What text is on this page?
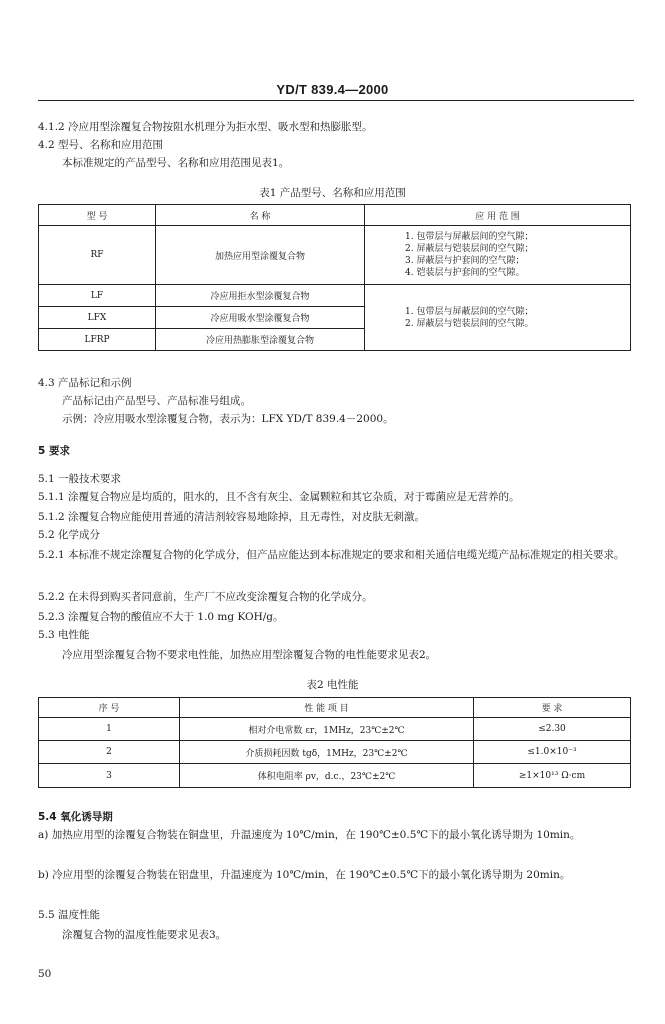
YD/T 839.4—2000
4.1.2 冷应用型涂覆复合物按阻水机理分为拒水型、吸水型和热膨胀型。
4.2 型号、名称和应用范围
本标准规定的产品型号、名称和应用范围见表1。
表1 产品型号、名称和应用范围
型 号	名 称	应 用 范 围
RF	加热应用型涂覆复合物	1. 包带层与屏蔽层间的空气隙；
2. 屏蔽层与铠装层间的空气隙；
3. 屏蔽层与护套间的空气隙；
4. 铠装层与护套间的空气隙。

LF	冷应用拒水型涂覆复合物	1. 包带层与屏蔽层间的空气隙；
2. 屏蔽层与铠装层间的空气隙。

LFX	冷应用吸水型涂覆复合物	
LFRP	冷应用热膨胀型涂覆复合物	
4.3 产品标记和示例
产品标记由产品型号、产品标准号组成。
示例：冷应用吸水型涂覆复合物，表示为：LFX YD/T 839.4－2000。
5 要求
5.1 一般技术要求
5.1.1 涂覆复合物应是均质的，阻水的，且不含有灰尘、金属颗粒和其它杂质，对于霉菌应是无营养的。
5.1.2 涂覆复合物应能使用普通的清洁剂较容易地除掉，且无毒性，对皮肤无刺激。
5.2 化学成分
5.2.1 本标准不规定涂覆复合物的化学成分，但产品应能达到本标准规定的要求和相关通信电缆光缆产品标准规定的相关要求。
5.2.2 在未得到购买者同意前，生产厂不应改变涂覆复合物的化学成分。
5.2.3 涂覆复合物的酸值应不大于 1.0 mg KOH/g。
5.3 电性能
冷应用型涂覆复合物不要求电性能，加热应用型涂覆复合物的电性能要求见表2。
表2 电性能
序 号	性 能 项 目	要 求
1	相对介电常数 εr，1MHz，23℃±2℃	≤2.30
2	介质损耗因数 tgδ，1MHz，23℃±2℃	≤1.0×10⁻³
3	体积电阻率 ρv，d.c.，23℃±2℃	≥1×10¹³ Ω·cm
5.4 氧化诱导期
a) 加热应用型的涂覆复合物装在铜盘里，升温速度为 10℃/min，在 190℃±0.5℃下的最小氧化诱导期为 10min。
b) 冷应用型的涂覆复合物装在铝盘里，升温速度为 10℃/min，在 190℃±0.5℃下的最小氧化诱导期为 20min。
5.5 温度性能
涂覆复合物的温度性能要求见表3。
50
